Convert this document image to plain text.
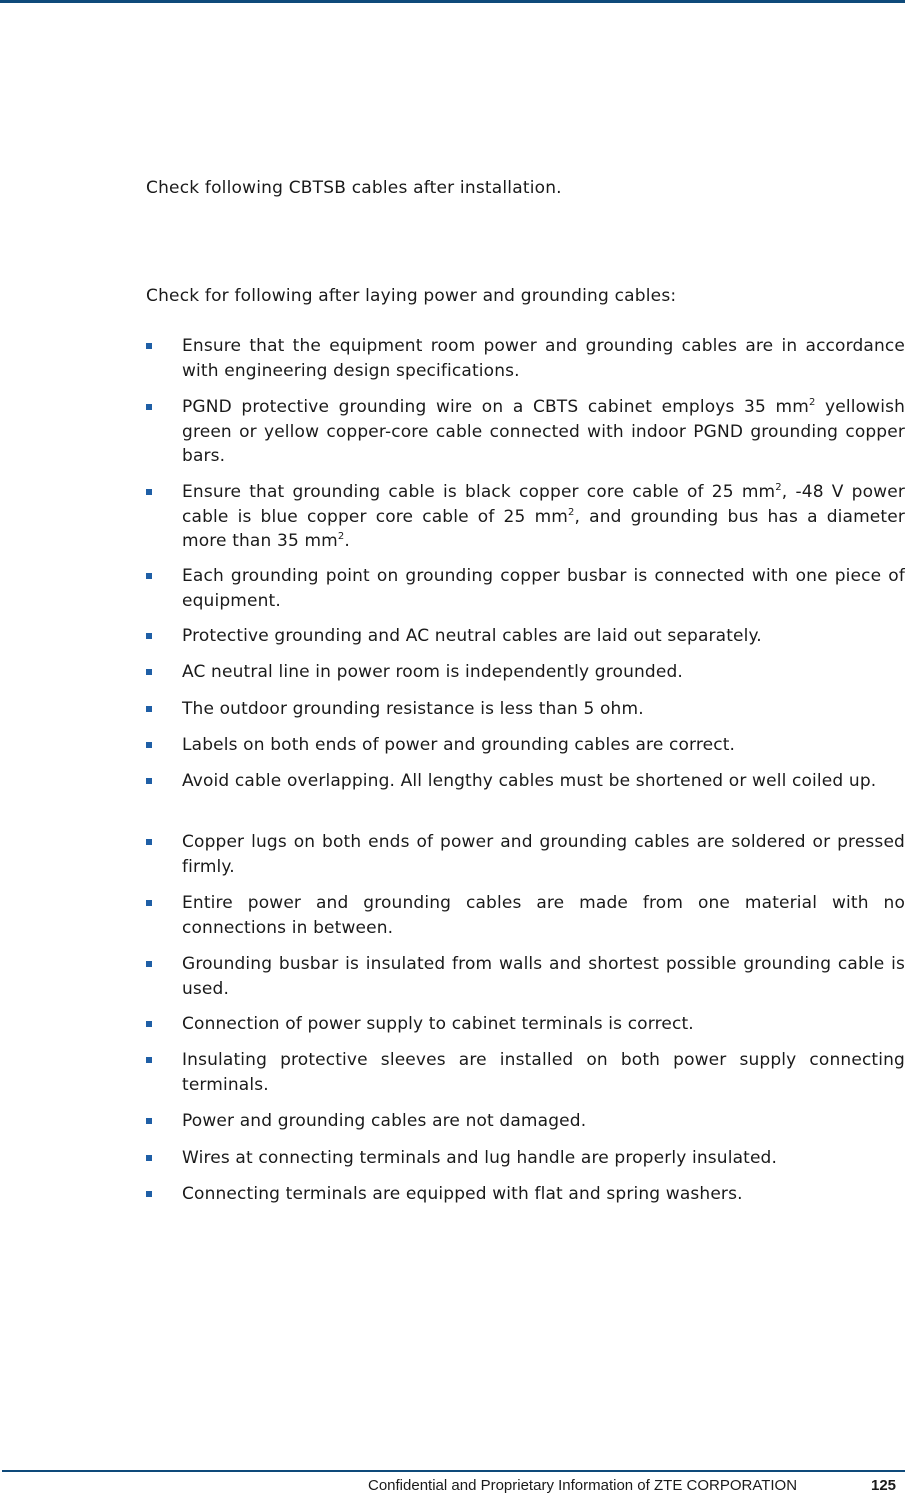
Check following CBTSB cables after installation.
Check for following after laying power and grounding cables:
Ensure that the equipment room power and grounding cables are in accordance with engineering design specifications.
PGND protective grounding wire on a CBTS cabinet employs 35 $mm^2$ yellowish green or yellow copper-core cable connected with indoor PGND grounding copper bars.
Ensure that grounding cable is black copper core cable of 25 $mm^2$, -48 V power cable is blue copper core cable of 25 $mm^2$, and grounding bus has a diameter more than 35 $mm^2$.
Each grounding point on grounding copper busbar is connected with one piece of equipment.
Protective grounding and AC neutral cables are laid out separately.
AC neutral line in power room is independently grounded.
The outdoor grounding resistance is less than 5 ohm.
Labels on both ends of power and grounding cables are correct.
Avoid cable overlapping. All lengthy cables must be shortened or well coiled up.
Copper lugs on both ends of power and grounding cables are soldered or pressed firmly.
Entire power and grounding cables are made from one material with no connections in between.
Grounding busbar is insulated from walls and shortest possible grounding cable is used.
Connection of power supply to cabinet terminals is correct.
Insulating protective sleeves are installed on both power supply connecting terminals.
Power and grounding cables are not damaged.
Wires at connecting terminals and lug handle are properly insulated.
Connecting terminals are equipped with flat and spring washers.
Confidential and Proprietary Information of ZTE CORPORATION	125
